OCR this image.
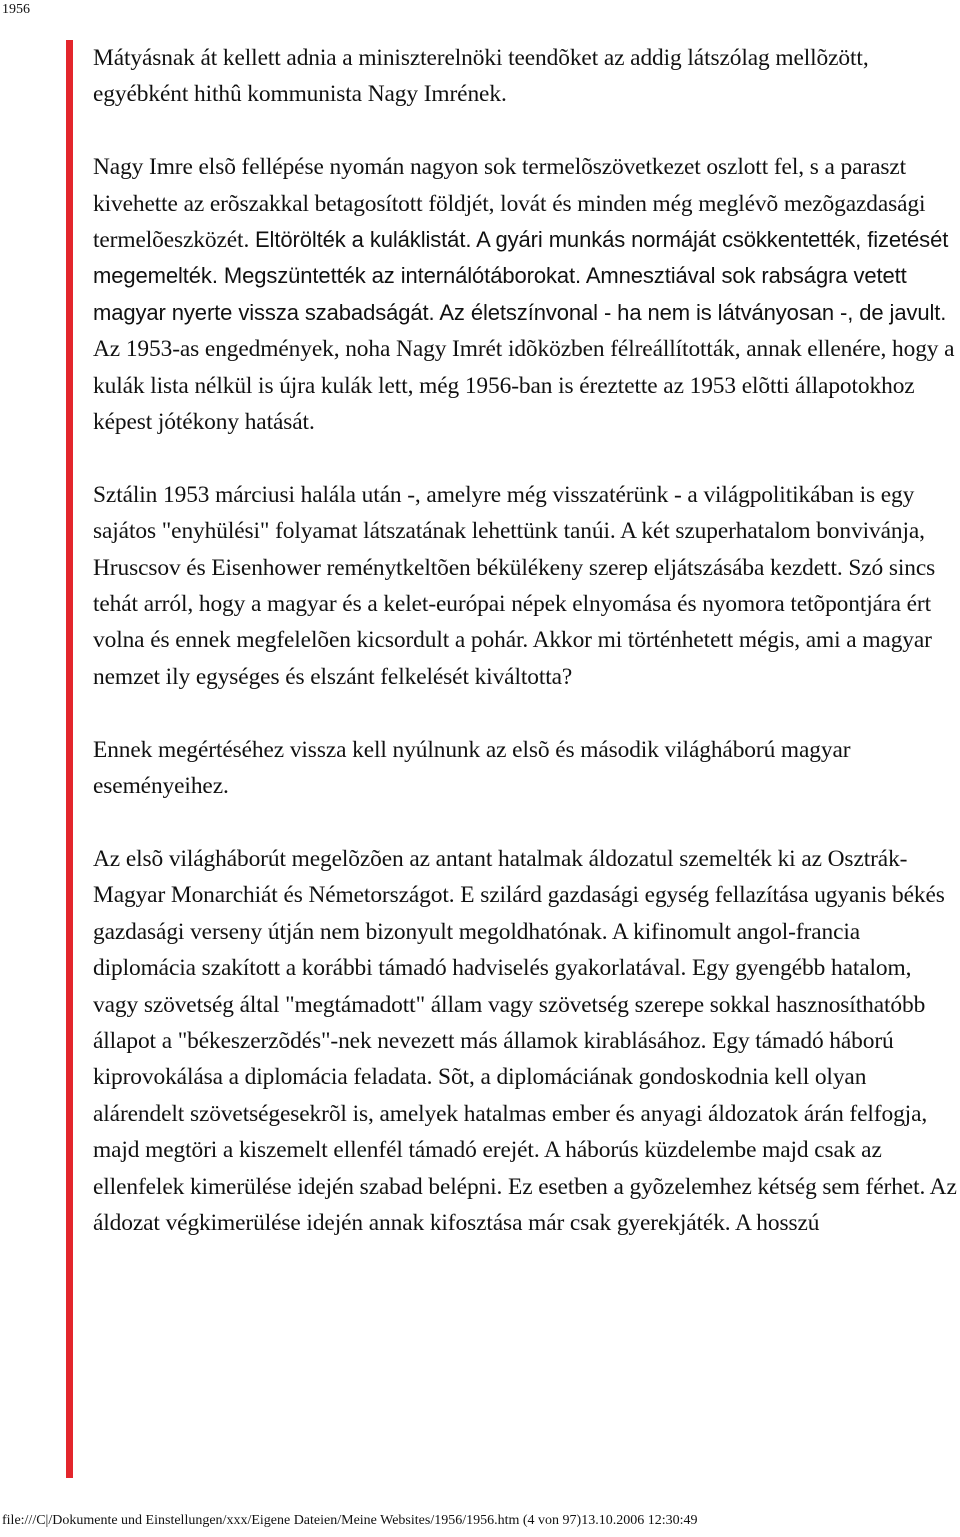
1956

Mátyásnak át kellett adnia a miniszterelnöki teendõket az addig látszólag mellõzött, egyébként hithû kommunista Nagy Imrének.

Nagy Imre elsõ fellépése nyomán nagyon sok termelõszövetkezet oszlott fel, s a paraszt kivehette az erõszakkal betagosított földjét, lovát és minden még meglévõ mezõgazdasági termelõeszközét. Eltörölték a kuláklistát. A gyári munkás normáját csökkentették, fizetését megemelték. Megszüntették az internálótáborokat. Amnesztiával sok rabságra vetett magyar nyerte vissza szabadságát. Az életszínvonal - ha nem is látványosan -, de javult. Az 1953-as engedmények, noha Nagy Imrét idõközben félreállították, annak ellenére, hogy a kulák lista nélkül is újra kulák lett, még 1956-ban is éreztette az 1953 elõtti állapotokhoz képest jótékony hatását.

Sztálin 1953 márciusi halála után -, amelyre még visszatérünk - a világpolitikában is egy sajátos "enyhülési" folyamat látszatának lehettünk tanúi. A két szuperhatalom bonvivánja, Hruscsov és Eisenhower reménytkeltõen békülékeny szerep eljátszásába kezdett. Szó sincs tehát arról, hogy a magyar és a kelet-európai népek elnyomása és nyomora tetõpontjára ért volna és ennek megfelelõen kicsordult a pohár. Akkor mi történhetett mégis, ami a magyar nemzet ily egységes és elszánt felkelését kiváltotta?

Ennek megértéséhez vissza kell nyúlnunk az elsõ és második világháború magyar eseményeihez.

Az elsõ világháborút megelõzõen az antant hatalmak áldozatul szemelték ki az Osztrák- Magyar Monarchiát és Németországot. E szilárd gazdasági egység fellazítása ugyanis békés gazdasági verseny útján nem bizonyult megoldhatónak. A kifinomult angol-francia diplomácia szakított a korábbi támadó hadviselés gyakorlatával. Egy gyengébb hatalom, vagy szövetség által "megtámadott" állam vagy szövetség szerepe sokkal hasznosíthatóbb állapot a "békeszerzõdés"-nek nevezett más államok kirablásához. Egy támadó háború kiprovokálása a diplomácia feladata. Sõt, a diplomáciának gondoskodnia kell olyan alárendelt szövetségesekrõl is, amelyek hatalmas ember és anyagi áldozatok árán felfogja, majd megtöri a kiszemelt ellenfél támadó erejét. A háborús küzdelembe majd csak az ellenfelek kimerülése idején szabad belépni. Ez esetben a gyõzelemhez kétség sem férhet. Az áldozat végkimerülése idején annak kifosztása már csak gyerekjáték. A hosszú

file:///C|/Dokumente und Einstellungen/xxx/Eigene Dateien/Meine Websites/1956/1956.htm (4 von 97)13.10.2006 12:30:49
